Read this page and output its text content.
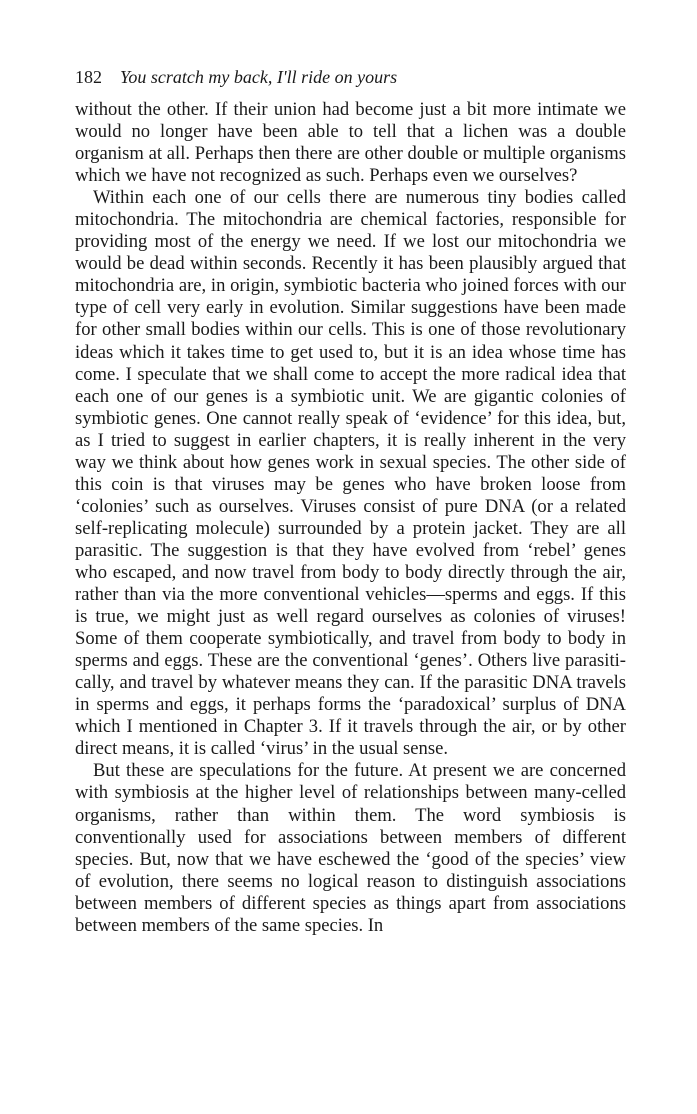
182 You scratch my back, I'll ride on yours

without the other. If their union had become just a bit more intimate we would no longer have been able to tell that a lichen was a double organism at all. Perhaps then there are other double or multiple organisms which we have not recognized as such. Perhaps even we ourselves?

Within each one of our cells there are numerous tiny bodies called mitochondria. The mitochondria are chemical factories, responsible for providing most of the energy we need. If we lost our mitochondria we would be dead within seconds. Recently it has been plausibly argued that mitochondria are, in origin, symbiotic bacteria who joined forces with our type of cell very early in evolution. Similar suggestions have been made for other small bodies within our cells. This is one of those revolutionary ideas which it takes time to get used to, but it is an idea whose time has come. I speculate that we shall come to accept the more radical idea that each one of our genes is a symbiotic unit. We are gigantic colonies of symbiotic genes. One cannot really speak of ‘evidence’ for this idea, but, as I tried to suggest in earlier chapters, it is really inherent in the very way we think about how genes work in sexual species. The other side of this coin is that viruses may be genes who have broken loose from ‘colonies’ such as ourselves. Viruses consist of pure DNA (or a related self-replicating molecule) surrounded by a protein jacket. They are all parasitic. The suggestion is that they have evolved from ‘rebel’ genes who escaped, and now travel from body to body directly through the air, rather than via the more conventional vehicles—sperms and eggs. If this is true, we might just as well regard ourselves as colonies of viruses! Some of them cooperate symbiotically, and travel from body to body in sperms and eggs. These are the conventional ‘genes’. Others live parasitically, and travel by whatever means they can. If the parasitic DNA travels in sperms and eggs, it perhaps forms the ‘paradoxical’ surplus of DNA which I mentioned in Chapter 3. If it travels through the air, or by other direct means, it is called ‘virus’ in the usual sense.

But these are speculations for the future. At present we are concerned with symbiosis at the higher level of relationships between many-celled organisms, rather than within them. The word symbiosis is conventionally used for associations between members of different species. But, now that we have eschewed the ‘good of the species’ view of evolution, there seems no logical reason to distinguish associations between members of different species as things apart from associations between members of the same species. In
